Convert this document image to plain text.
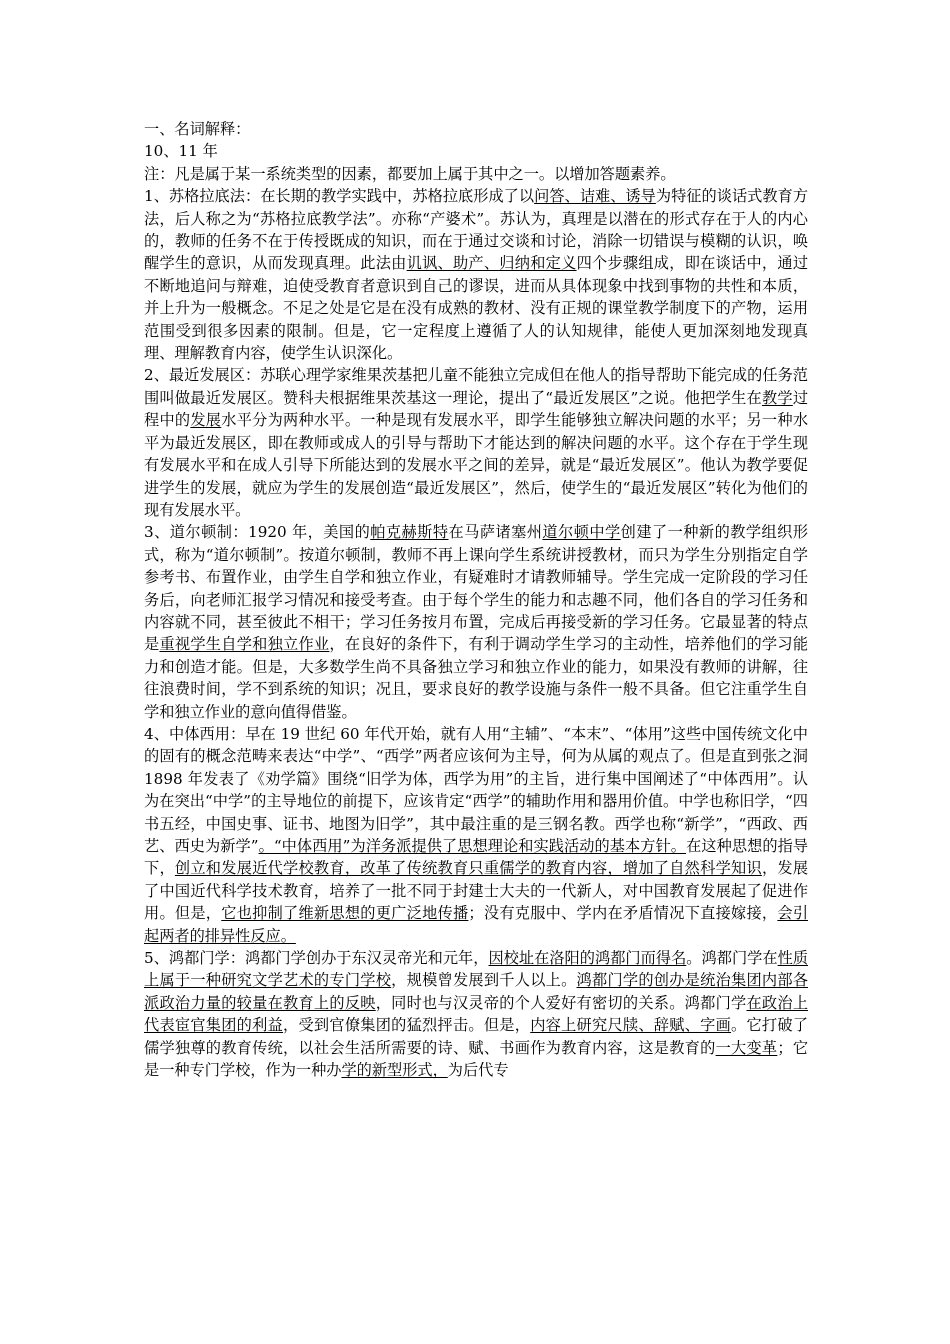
一、名词解释：
10、11 年
注：凡是属于某一系统类型的因素，都要加上属于其中之一。以增加答题素养。

1、苏格拉底法：在长期的教学实践中，苏格拉底形成了以问答、诘难、诱导为特征的谈话式教育方法，后人称之为“苏格拉底教学法”。亦称“产婆术”。苏认为，真理是以潜在的形式存在于人的内心的，教师的任务不在于传授既成的知识，而在于通过交谈和讨论，消除一切错误与模糊的认识，唤醒学生的意识，从而发现真理。此法由讥讽、助产、归纳和定义四个步骤组成，即在谈话中，通过不断地追问与辩难，迫使受教育者意识到自己的谬误，进而从具体现象中找到事物的共性和本质，并上升为一般概念。不足之处是它是在没有成熟的教材、没有正规的课堂教学制度下的产物，运用范围受到很多因素的限制。但是，它一定程度上遵循了人的认知规律，能使人更加深刻地发现真理、理解教育内容，使学生认识深化。

2、最近发展区：苏联心理学家维果茨基把儿童不能独立完成但在他人的指导帮助下能完成的任务范围叫做最近发展区。赞科夫根据维果茨基这一理论，提出了“最近发展区”之说。他把学生在教学过程中的发展水平分为两种水平。一种是现有发展水平，即学生能够独立解决问题的水平；另一种水平为最近发展区，即在教师或成人的引导与帮助下才能达到的解决问题的水平。这个存在于学生现有发展水平和在成人引导下所能达到的发展水平之间的差异，就是“最近发展区”。他认为教学要促进学生的发展，就应为学生的发展创造“最近发展区”，然后，使学生的“最近发展区”转化为他们的现有发展水平。

3、道尔顿制：1920 年，美国的帕克赫斯特在马萨诸塞州道尔顿中学创建了一种新的教学组织形式，称为“道尔顿制”。按道尔顿制，教师不再上课向学生系统讲授教材，而只为学生分别指定自学参考书、布置作业，由学生自学和独立作业，有疑难时才请教师辅导。学生完成一定阶段的学习任务后，向老师汇报学习情况和接受考查。由于每个学生的能力和志趣不同，他们各自的学习任务和内容就不同，甚至彼此不相干；学习任务按月布置，完成后再接受新的学习任务。它最显著的特点是重视学生自学和独立作业，在良好的条件下，有利于调动学生学习的主动性，培养他们的学习能力和创造才能。但是，大多数学生尚不具备独立学习和独立作业的能力，如果没有教师的讲解，往往浪费时间，学不到系统的知识；况且，要求良好的教学设施与条件一般不具备。但它注重学生自学和独立作业的意向值得借鉴。

4、中体西用：早在 19 世纪 60 年代开始，就有人用“主辅”、“本末”、“体用”这些中国传统文化中的固有的概念范畴来表达“中学”、“西学”两者应该何为主导，何为从属的观点了。但是直到张之洞 1898 年发表了《劝学篇》围绕“旧学为体，西学为用”的主旨，进行集中国阐述了“中体西用”。认为在突出“中学”的主导地位的前提下，应该肯定“西学”的辅助作用和器用价值。中学也称旧学，“四书五经，中国史事、证书、地图为旧学”，其中最注重的是三钢名教。西学也称“新学”，“西政、西艺、西史为新学”。“中体西用”为洋务派提供了思想理论和实践活动的基本方针。在这种思想的指导下，创立和发展近代学校教育，改革了传统教育只重儒学的教育内容，增加了自然科学知识，发展了中国近代科学技术教育，培养了一批不同于封建士大夫的一代新人，对中国教育发展起了促进作用。但是，它也抑制了维新思想的更广泛地传播；没有克服中、学内在矛盾情况下直接嫁接，会引起两者的排异性反应。

5、鸿都门学：鸿都门学创办于东汉灵帝光和元年，因校址在洛阳的鸿都门而得名。鸿都门学在性质上属于一种研究文学艺术的专门学校，规模曾发展到千人以上。鸿都门学的创办是统治集团内部各派政治力量的较量在教育上的反映，同时也与汉灵帝的个人爱好有密切的关系。鸿都门学在政治上代表宦官集团的利益，受到官僚集团的猛烈抨击。但是，内容上研究尺牍、辞赋、字画。它打破了儒学独尊的教育传统，以社会生活所需要的诗、赋、书画作为教育内容，这是教育的一大变革；它是一种专门学校，作为一种办学的新型形式，为后代专
